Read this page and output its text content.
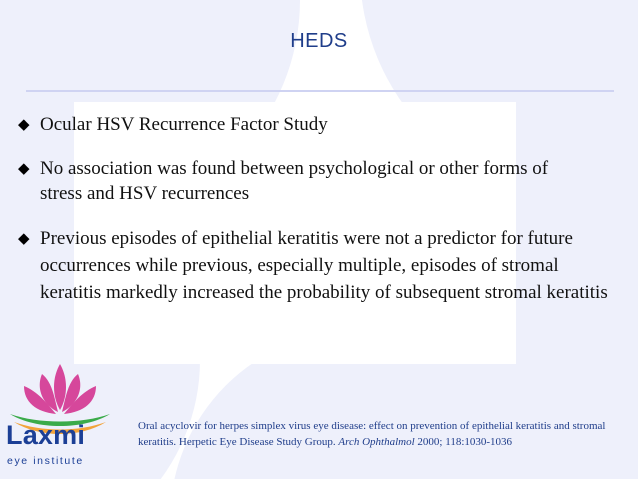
HEDS
◆ Ocular HSV Recurrence Factor Study
◆ No association was found between psychological or other forms of stress and HSV recurrences
◆ Previous episodes of epithelial keratitis were not a predictor for future occurrences while previous, especially multiple, episodes of stromal keratitis markedly increased the probability of subsequent stromal keratitis
Laxmi
eye institute
Oral acyclovir for herpes simplex virus eye disease: effect on prevention of epithelial keratitis and stromal keratitis. Herpetic Eye Disease Study Group. Arch Ophthalmol 2000; 118:1030-1036
